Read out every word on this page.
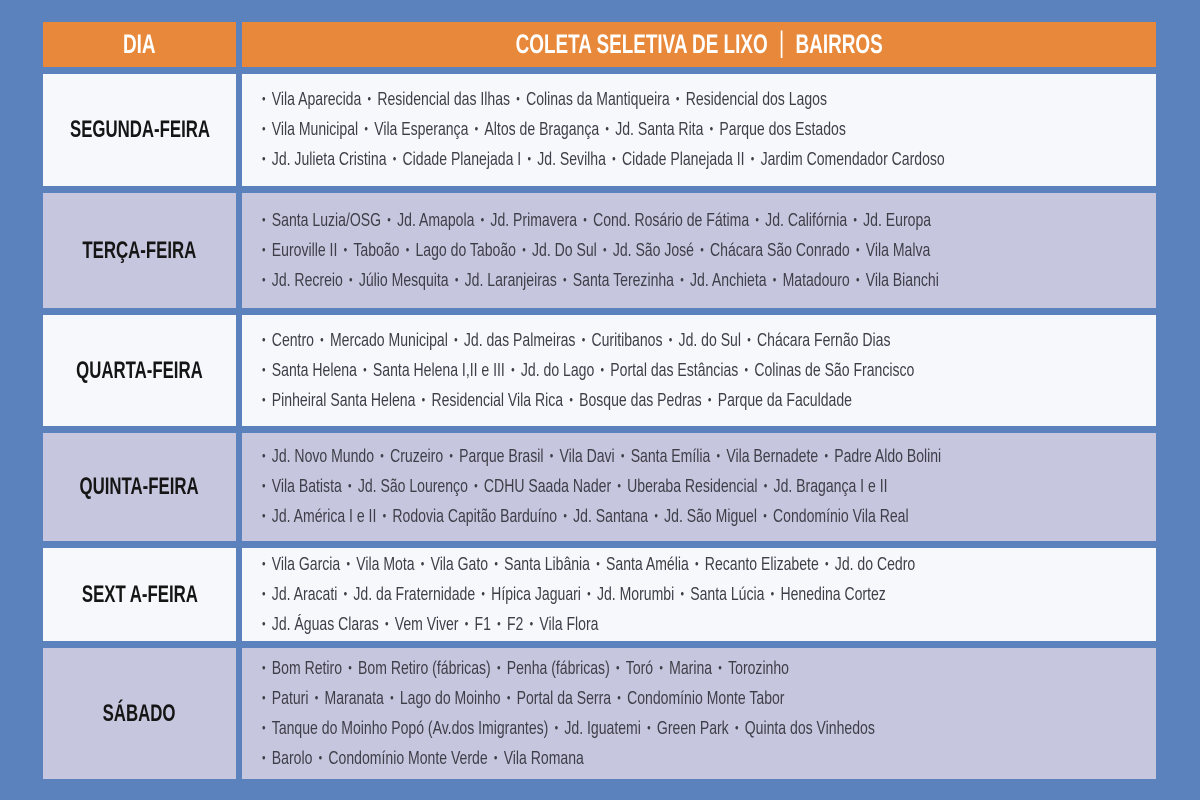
DIA	COLETA SELETIVA DE LIXO | BAIRROS
SEGUNDA-FEIRA
• Vila Aparecida • Residencial das Ilhas • Colinas da Mantiqueira • Residencial dos Lagos
• Vila Municipal • Vila Esperança • Altos de Bragança • Jd. Santa Rita • Parque dos Estados
• Jd. Julieta Cristina • Cidade Planejada I • Jd. Sevilha • Cidade Planejada II • Jardim Comendador Cardoso
TERÇA-FEIRA
• Santa Luzia/OSG • Jd. Amapola • Jd. Primavera • Cond. Rosário de Fátima • Jd. Califórnia • Jd. Europa
• Euroville II • Taboão • Lago do Taboão • Jd. Do Sul • Jd. São José • Chácara São Conrado • Vila Malva
• Jd. Recreio • Júlio Mesquita • Jd. Laranjeiras • Santa Terezinha • Jd. Anchieta • Matadouro • Vila Bianchi
QUARTA-FEIRA
• Centro • Mercado Municipal • Jd. das Palmeiras • Curitibanos • Jd. do Sul • Chácara Fernão Dias
• Santa Helena • Santa Helena I,II e III • Jd. do Lago • Portal das Estâncias • Colinas de São Francisco
• Pinheiral Santa Helena • Residencial Vila Rica • Bosque das Pedras • Parque da Faculdade
QUINTA-FEIRA
• Jd. Novo Mundo • Cruzeiro • Parque Brasil • Vila Davi • Santa Emília • Vila Bernadete • Padre Aldo Bolini
• Vila Batista • Jd. São Lourenço • CDHU Saada Nader • Uberaba Residencial • Jd. Bragança I e II
• Jd. América I e II • Rodovia Capitão Barduíno • Jd. Santana • Jd. São Miguel • Condomínio Vila Real
SEXT A-FEIRA
• Vila Garcia • Vila Mota • Vila Gato • Santa Libânia • Santa Amélia • Recanto Elizabete • Jd. do Cedro
• Jd. Aracati • Jd. da Fraternidade • Hípica Jaguari • Jd. Morumbi • Santa Lúcia • Henedina Cortez
• Jd. Águas Claras • Vem Viver • F1 • F2 • Vila Flora
SÁBADO
• Bom Retiro • Bom Retiro (fábricas) • Penha (fábricas) • Toró • Marina • Torozinho
• Paturi • Maranata • Lago do Moinho • Portal da Serra • Condomínio Monte Tabor
• Tanque do Moinho Popó (Av.dos Imigrantes) • Jd. Iguatemi • Green Park • Quinta dos Vinhedos
• Barolo • Condomínio Monte Verde • Vila Romana
